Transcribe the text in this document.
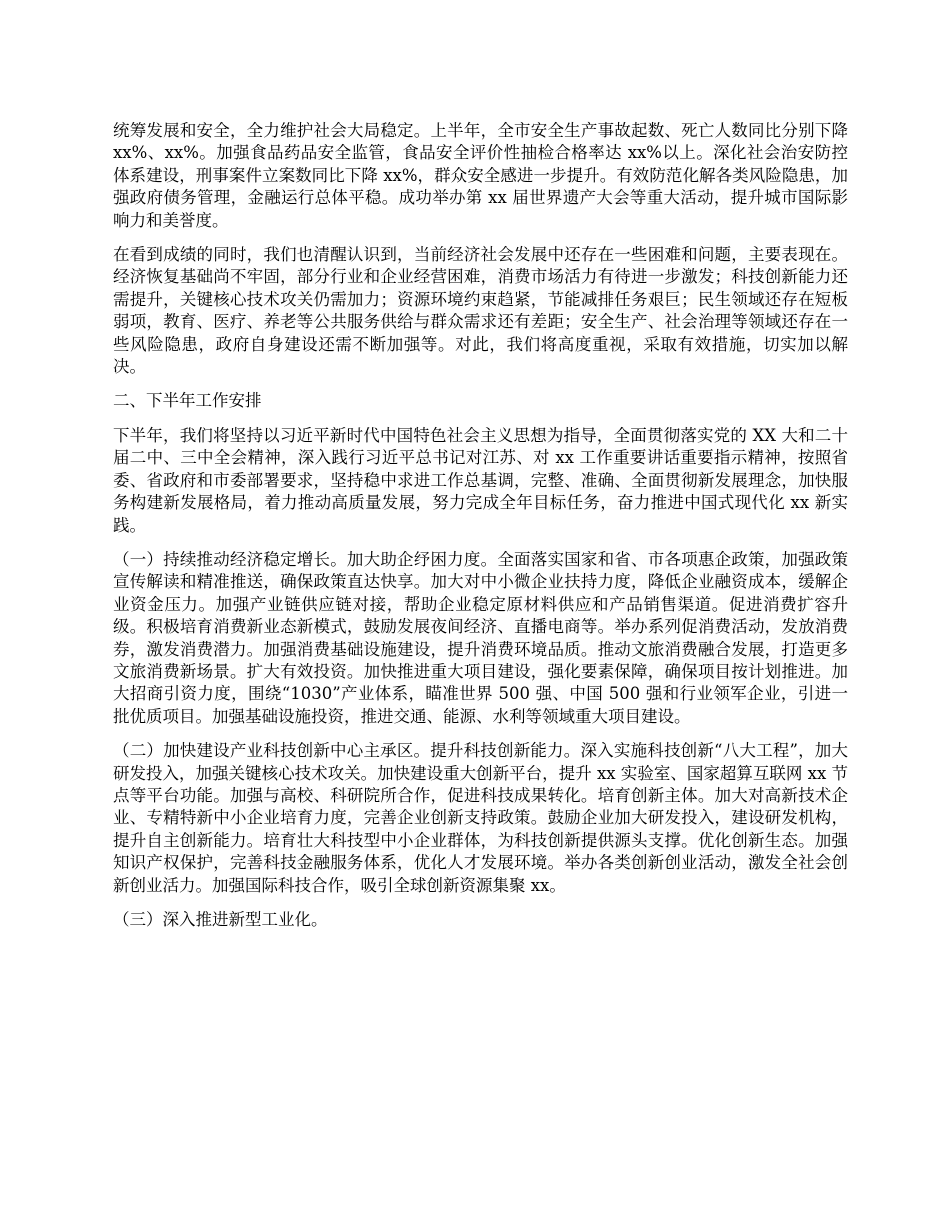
统筹发展和安全，全力维护社会大局稳定。上半年，全市安全生产事故起数、死亡人数同比分别下降 xx%、xx%。加强食品药品安全监管，食品安全评价性抽检合格率达 xx%以上。深化社会治安防控体系建设，刑事案件立案数同比下降 xx%，群众安全感进一步提升。有效防范化解各类风险隐患，加强政府债务管理，金融运行总体平稳。成功举办第 xx 届世界遗产大会等重大活动，提升城市国际影响力和美誉度。

在看到成绩的同时，我们也清醒认识到，当前经济社会发展中还存在一些困难和问题，主要表现在。经济恢复基础尚不牢固，部分行业和企业经营困难，消费市场活力有待进一步激发；科技创新能力还需提升，关键核心技术攻关仍需加力；资源环境约束趋紧，节能减排任务艰巨；民生领域还存在短板弱项，教育、医疗、养老等公共服务供给与群众需求还有差距；安全生产、社会治理等领域还存在一些风险隐患，政府自身建设还需不断加强等。对此，我们将高度重视，采取有效措施，切实加以解决。

二、下半年工作安排

下半年，我们将坚持以习近平新时代中国特色社会主义思想为指导，全面贯彻落实党的 XX 大和二十届二中、三中全会精神，深入践行习近平总书记对江苏、对 xx 工作重要讲话重要指示精神，按照省委、省政府和市委部署要求，坚持稳中求进工作总基调，完整、准确、全面贯彻新发展理念，加快服务构建新发展格局，着力推动高质量发展，努力完成全年目标任务，奋力推进中国式现代化 xx 新实践。

（一）持续推动经济稳定增长。加大助企纾困力度。全面落实国家和省、市各项惠企政策，加强政策宣传解读和精准推送，确保政策直达快享。加大对中小微企业扶持力度，降低企业融资成本，缓解企业资金压力。加强产业链供应链对接，帮助企业稳定原材料供应和产品销售渠道。促进消费扩容升级。积极培育消费新业态新模式，鼓励发展夜间经济、直播电商等。举办系列促消费活动，发放消费券，激发消费潜力。加强消费基础设施建设，提升消费环境品质。推动文旅消费融合发展，打造更多文旅消费新场景。扩大有效投资。加快推进重大项目建设，强化要素保障，确保项目按计划推进。加大招商引资力度，围绕“1030”产业体系，瞄准世界 500 强、中国 500 强和行业领军企业，引进一批优质项目。加强基础设施投资，推进交通、能源、水利等领域重大项目建设。

（二）加快建设产业科技创新中心主承区。提升科技创新能力。深入实施科技创新“八大工程”，加大研发投入，加强关键核心技术攻关。加快建设重大创新平台，提升 xx 实验室、国家超算互联网 xx 节点等平台功能。加强与高校、科研院所合作，促进科技成果转化。培育创新主体。加大对高新技术企业、专精特新中小企业培育力度，完善企业创新支持政策。鼓励企业加大研发投入，建设研发机构，提升自主创新能力。培育壮大科技型中小企业群体，为科技创新提供源头支撑。优化创新生态。加强知识产权保护，完善科技金融服务体系，优化人才发展环境。举办各类创新创业活动，激发全社会创新创业活力。加强国际科技合作，吸引全球创新资源集聚 xx。

（三）深入推进新型工业化。
